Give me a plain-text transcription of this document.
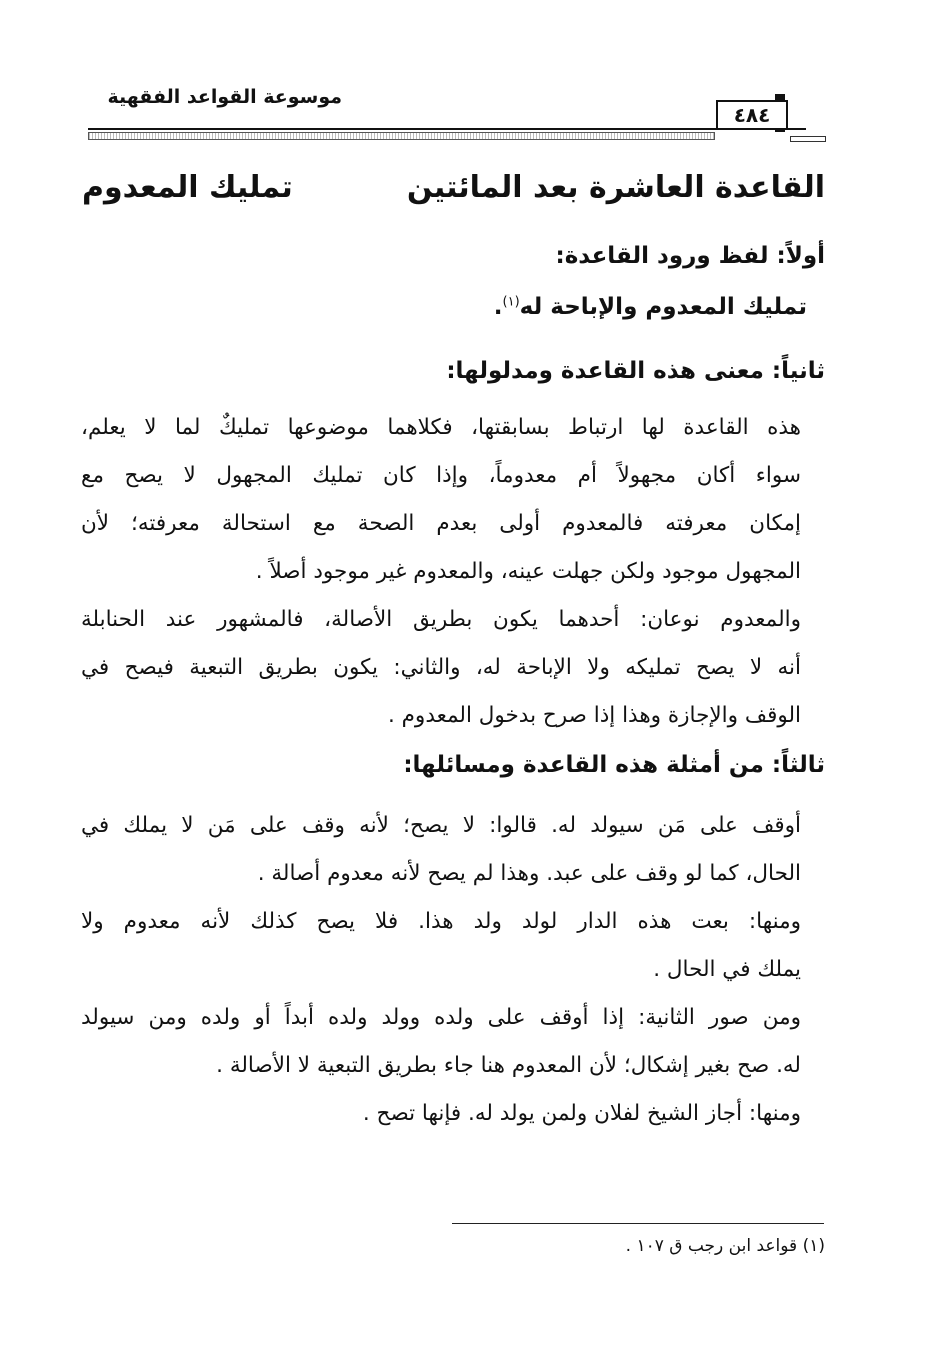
موسوعة القواعد الفقهية
٤٨٤
القاعدة العاشرة بعد المائتين
تمليك المعدوم
أولاً: لفظ ورود القاعدة:
تمليك المعدوم والإباحة له$^{(١)}$.
ثانياً: معنى هذه القاعدة ومدلولها:
هذه القاعدة لها ارتباط بسابقتها، فكلاهما موضوعها تمليكٌ لما لا يعلم،
سواء أكان مجهولاً أم معدوماً، وإذا كان تمليك المجهول لا يصح مع
إمكان معرفته فالمعدوم أولى بعدم الصحة مع استحالة معرفته؛ لأن
المجهول موجود ولكن جهلت عينه، والمعدوم غير موجود أصلاً .
والمعدوم نوعان: أحدهما يكون بطريق الأصالة، فالمشهور عند الحنابلة
أنه لا يصح تمليكه ولا الإباحة له، والثاني: يكون بطريق التبعية فيصح في
الوقف والإجازة وهذا إذا صرح بدخول المعدوم .
ثالثاً: من أمثلة هذه القاعدة ومسائلها:
أوقف على مَن سيولد له. قالوا: لا يصح؛ لأنه وقف على مَن لا يملك في
الحال، كما لو وقف على عبد. وهذا لم يصح لأنه معدوم أصالة .
ومنها: بعت هذه الدار لولد ولد هذا. فلا يصح كذلك لأنه معدوم ولا
يملك في الحال .
ومن صور الثانية: إذا أوقف على ولده وولد ولده أبداً أو ولده ومن سيولد
له. صح بغير إشكال؛ لأن المعدوم هنا جاء بطريق التبعية لا الأصالة .
ومنها: أجاز الشيخ لفلان ولمن يولد له. فإنها تصح .
(١) قواعد ابن رجب ق ١٠٧ .
